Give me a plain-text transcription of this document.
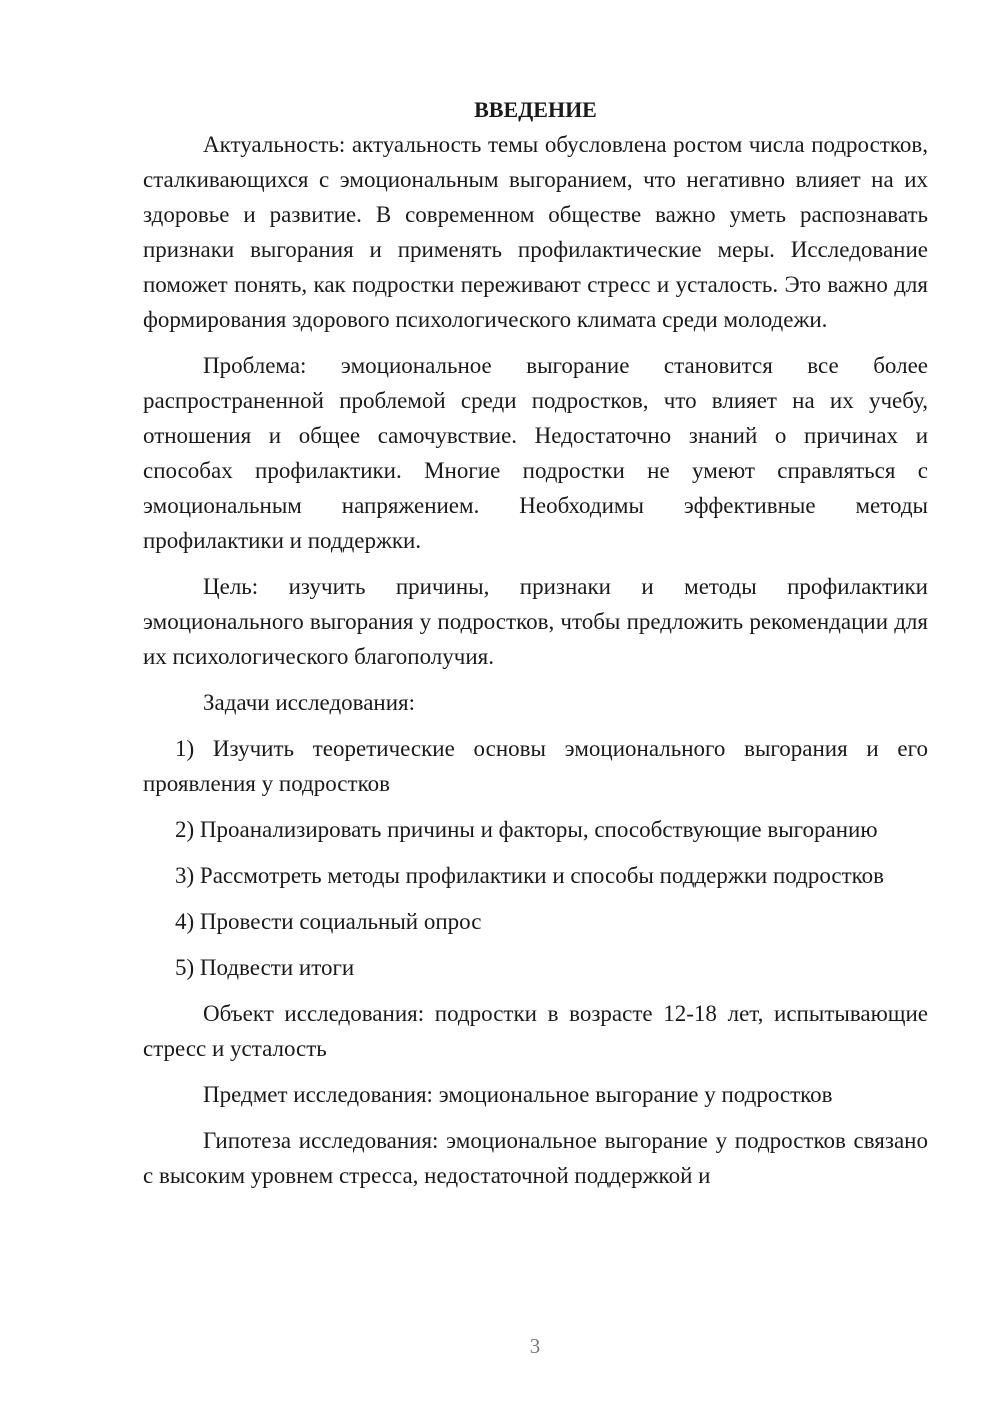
ВВЕДЕНИЕ

Актуальность: актуальность темы обусловлена ростом числа подростков, сталкивающихся с эмоциональным выгоранием, что негативно влияет на их здоровье и развитие. В современном обществе важно уметь распознавать признаки выгорания и применять профилактические меры. Исследование поможет понять, как подростки переживают стресс и усталость. Это важно для формирования здорового психологического климата среди молодежи.

Проблема: эмоциональное выгорание становится все более распространенной проблемой среди подростков, что влияет на их учебу, отношения и общее самочувствие. Недостаточно знаний о причинах и способах профилактики. Многие подростки не умеют справляться с эмоциональным напряжением. Необходимы эффективные методы профилактики и поддержки.

Цель: изучить причины, признаки и методы профилактики эмоционального выгорания у подростков, чтобы предложить рекомендации для их психологического благополучия.

Задачи исследования:

1) Изучить теоретические основы эмоционального выгорания и его проявления у подростков

2) Проанализировать причины и факторы, способствующие выгоранию

3) Рассмотреть методы профилактики и способы поддержки подростков

4) Провести социальный опрос

5) Подвести итоги

Объект исследования: подростки в возрасте 12-18 лет, испытывающие стресс и усталость

Предмет исследования: эмоциональное выгорание у подростков

Гипотеза исследования: эмоциональное выгорание у подростков связано с высоким уровнем стресса, недостаточной поддержкой и

3
